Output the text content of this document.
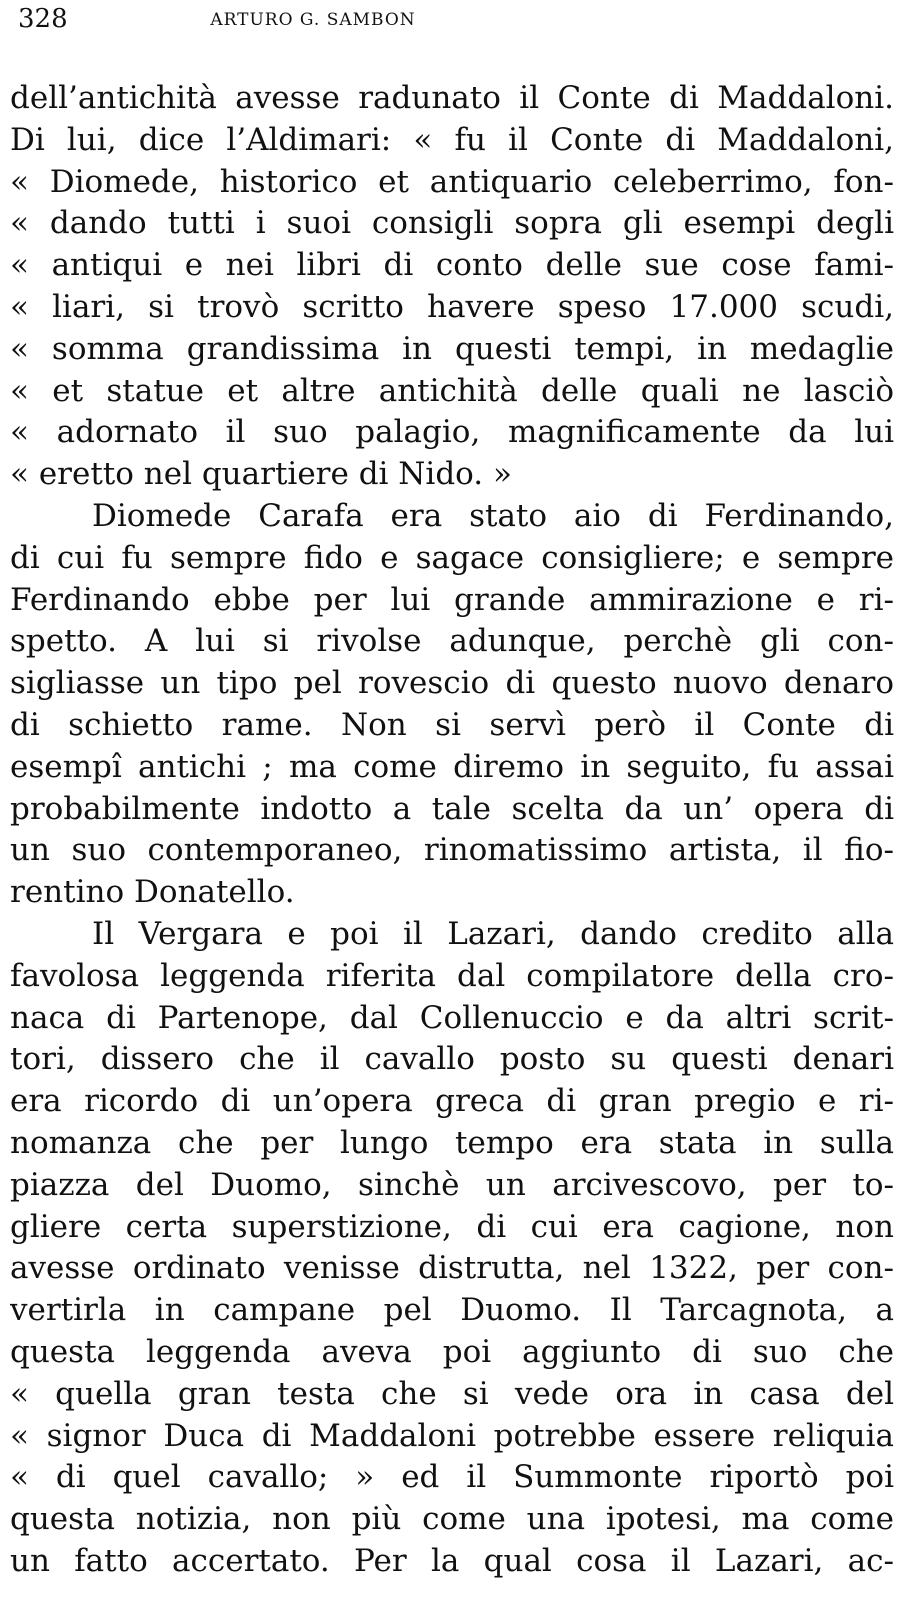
328	ARTURO G. SAMBON
dell’antichità avesse radunato il Conte di Maddaloni.
Di lui, dice l’Aldimari: « fu il Conte di Maddaloni,
« Diomede, historico et antiquario celeberrimo, fon-
« dando tutti i suoi consigli sopra gli esempi degli
« antiqui e nei libri di conto delle sue cose fami-
« liari, si trovò scritto havere speso 17.000 scudi,
« somma grandissima in questi tempi, in medaglie
« et statue et altre antichità delle quali ne lasciò
« adornato il suo palagio, magnificamente da lui
« eretto nel quartiere di Nido. »
Diomede Carafa era stato aio di Ferdinando,
di cui fu sempre fido e sagace consigliere; e sempre
Ferdinando ebbe per lui grande ammirazione e ri-
spetto. A lui si rivolse adunque, perchè gli con-
sigliasse un tipo pel rovescio di questo nuovo denaro
di schietto rame. Non si servì però il Conte di
esempî antichi ; ma come diremo in seguito, fu assai
probabilmente indotto a tale scelta da un’ opera di
un suo contemporaneo, rinomatissimo artista, il fio-
rentino Donatello.
Il Vergara e poi il Lazari, dando credito alla
favolosa leggenda riferita dal compilatore della cro-
naca di Partenope, dal Collenuccio e da altri scrit-
tori, dissero che il cavallo posto su questi denari
era ricordo di un’opera greca di gran pregio e ri-
nomanza che per lungo tempo era stata in sulla
piazza del Duomo, sinchè un arcivescovo, per to-
gliere certa superstizione, di cui era cagione, non
avesse ordinato venisse distrutta, nel 1322, per con-
vertirla in campane pel Duomo. Il Tarcagnota, a
questa leggenda aveva poi aggiunto di suo che
« quella gran testa che si vede ora in casa del
« signor Duca di Maddaloni potrebbe essere reliquia
« di quel cavallo; » ed il Summonte riportò poi
questa notizia, non più come una ipotesi, ma come
un fatto accertato. Per la qual cosa il Lazari, ac-
